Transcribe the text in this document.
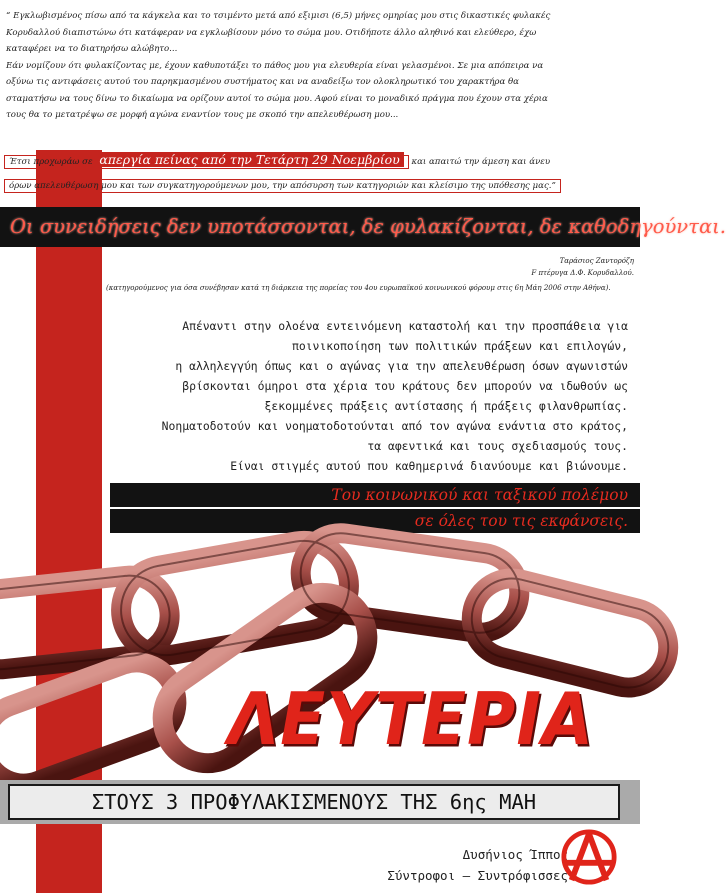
“ Εγκλωβισμένος πίσω από τα κάγκελα και το τσιμέντο μετά από εξιμισι (6,5) μήνες ομηρίας μου στις δικαστικές φυλακές

Κορυδαλλού διαπιστώνω ότι κατάφεραν να εγκλωβίσουν μόνο το σώμα μου. Οτιδήποτε άλλο αληθινό και ελεύθερο, έχω

καταφέρει να το διατηρήσω αλώβητο...

Εάν νομίζουν ότι φυλακίζοντας με, έχουν καθυποτάξει το πάθος μου για ελευθερία είναι γελασμένοι. Σε μια απόπειρα να

οξύνω τις αντιφάσεις αυτού του παρηκμασμένου συστήματος και να αναδείξω τον ολοκληρωτικό του χαρακτήρα θα

σταματήσω να τους δίνω το δικαίωμα να ορίζουν αυτοί το σώμα μου. Αφού είναι το μοναδικό πράγμα που έχουν στα χέρια

τους θα το μετατρέψω σε μορφή αγώνα εναντίον τους με σκοπό την απελευθέρωση μου...

Έτσι προχωράω σε απεργία πείνας από την Τετάρτη 29 Νοεμβρίου και απαιτώ την άμεση και άνευ
όρων απελευθέρωση μου και των συγκατηγορούμενων μου, την απόσυρση των κατηγοριών και κλείσιμο της υπόθεσης μας.”
Οι συνειδήσεις δεν υποτάσσονται, δε φυλακίζονται, δε καθοδηγούνται.
Ταράσιος Ζαντορόζη
F πτέρυγα Δ.Φ. Κορυδαλλού.
(κατηγορούμενος για όσα συνέβησαν κατά τη διάρκεια της πορείας του 4ου ευρωπαϊκού κοινωνικού φόρουμ στις 6η Μάη 2006 στην Αθήνα).
Απέναντι στην ολοένα εντεινόμενη καταστολή και την προσπάθεια για
ποινικοποίηση των πολιτικών πράξεων και επιλογών,
η αλληλεγγύη όπως και ο αγώνας για την απελευθέρωση όσων αγωνιστών
βρίσκονται όμηροι στα χέρια του κράτους δεν μπορούν να ιδωθούν ως
ξεκομμένες πράξεις αντίστασης ή πράξεις φιλανθρωπίας.
Νοηματοδοτούν και νοηματοδοτούνται από τον αγώνα ενάντια στο κράτος,
τα αφεντικά και τους σχεδιασμούς τους.
Είναι στιγμές αυτού που καθημερινά διανύουμε και βιώνουμε.
Του κοινωνικού και ταξικού πολέμου
σε όλες του τις εκφάνσεις.
ΛΕΥΤΕΡΙΑ
ΣΤΟΥΣ 3 ΠΡΟΦΥΛΑΚΙΣΜΕΝΟΥΣ ΤΗΣ 6ης ΜΑΗ
Δυσήνιος Ίππος
Σύντροφοι – Συντρόφισσες
